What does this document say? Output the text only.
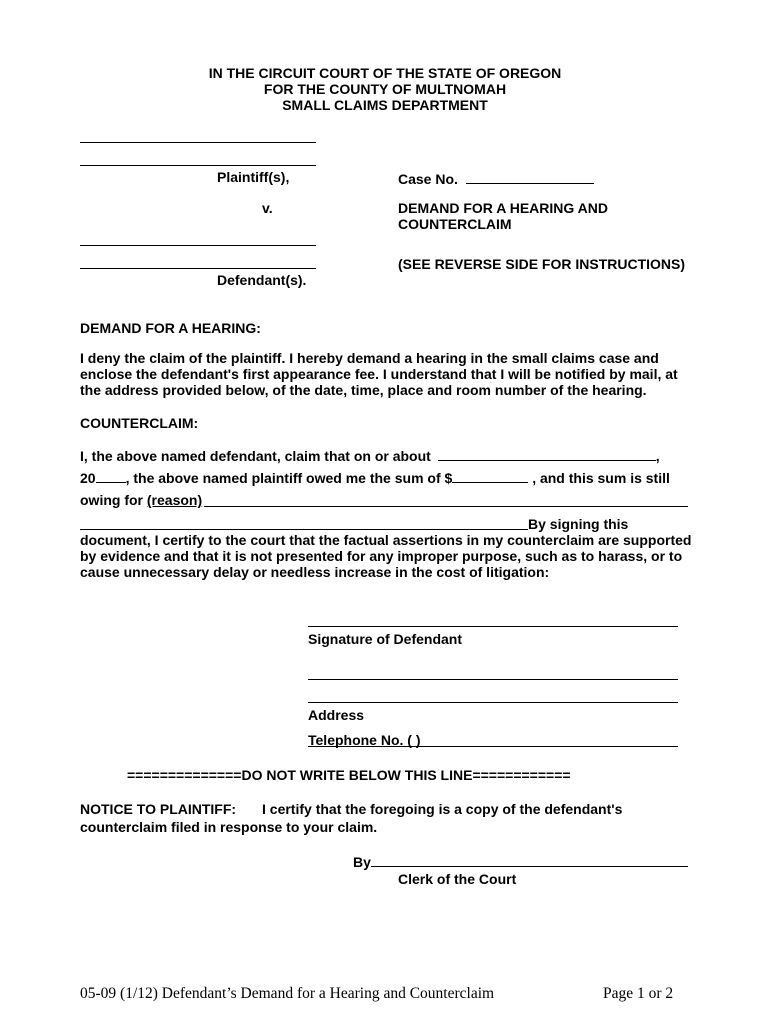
IN THE CIRCUIT COURT OF THE STATE OF OREGON
FOR THE COUNTY OF MULTNOMAH
SMALL CLAIMS DEPARTMENT
Plaintiff(s),	Case No.
v.	DEMAND FOR A HEARING AND
COUNTERCLAIM
Defendant(s).
(SEE REVERSE SIDE FOR INSTRUCTIONS)
DEMAND FOR A HEARING:
I deny the claim of the plaintiff. I hereby demand a hearing in the small claims case and enclose the defendant's first appearance fee. I understand that I will be notified by mail, at the address provided below, of the date, time, place and room number of the hearing.
COUNTERCLAIM:
I, the above named defendant, claim that on or about	,
20 , the above named plaintiff owed me the sum of $	, and this sum is still
owing for (reason)
By signing this
document, I certify to the court that the factual assertions in my counterclaim are supported by evidence and that it is not presented for any improper purpose, such as to harass, or to cause unnecessary delay or needless increase in the cost of litigation:
Signature of Defendant
Address
Telephone No. ( )
==============DO NOT WRITE BELOW THIS LINE============
NOTICE TO PLAINTIFF: I certify that the foregoing is a copy of the defendant's
counterclaim filed in response to your claim.
By
Clerk of the Court
05-09 (1/12) Defendant’s Demand for a Hearing and Counterclaim	Page 1 or 2
